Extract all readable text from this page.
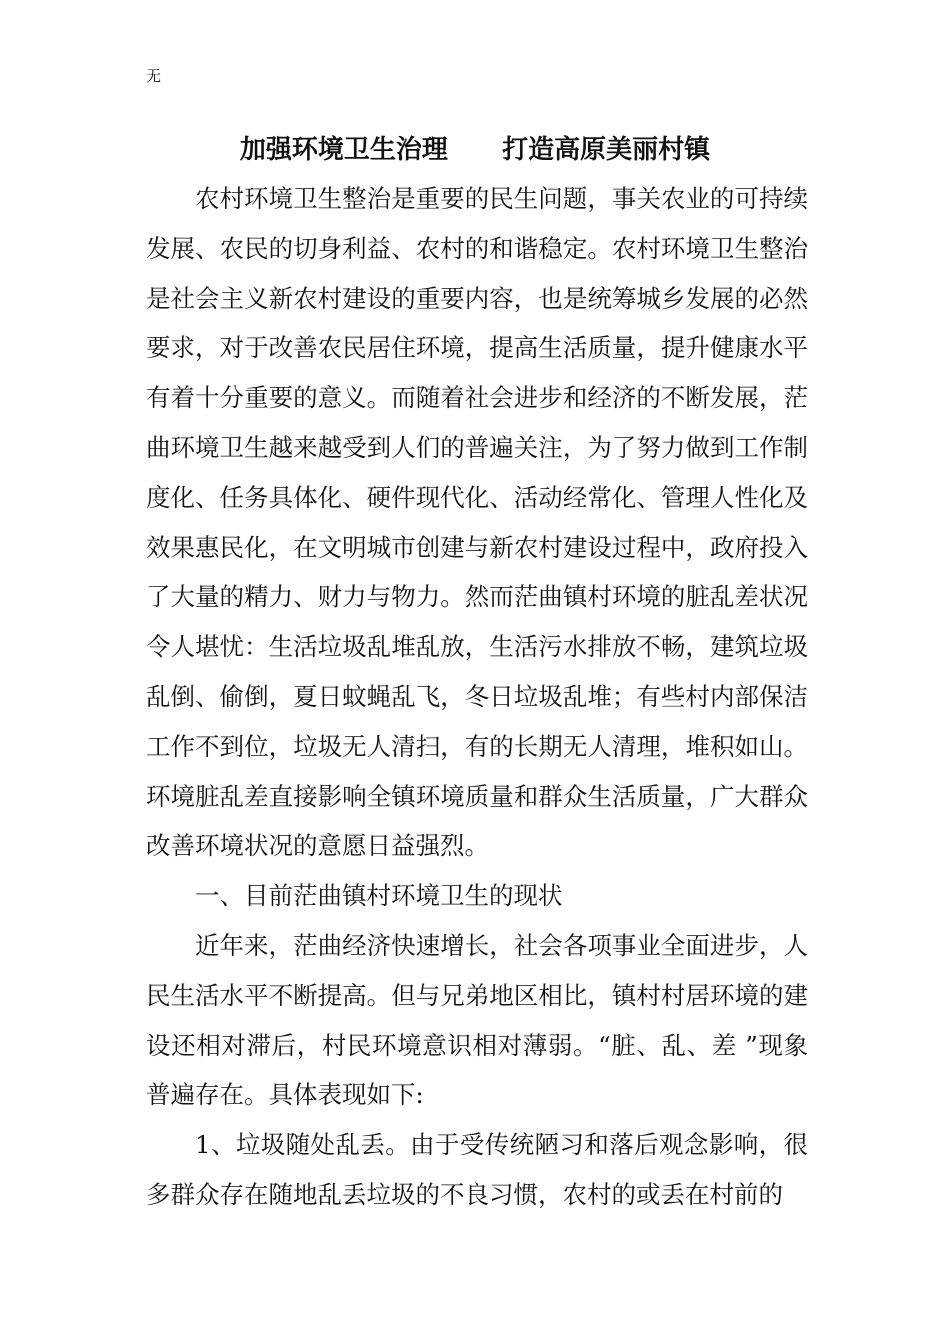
无
加强环境卫生治理      打造高原美丽村镇

农村环境卫生整治是重要的民生问题，事关农业的可持续发展、农民的切身利益、农村的和谐稳定。农村环境卫生整治是社会主义新农村建设的重要内容，也是统筹城乡发展的必然要求，对于改善农民居住环境，提高生活质量，提升健康水平有着十分重要的意义。而随着社会进步和经济的不断发展，茫曲环境卫生越来越受到人们的普遍关注，为了努力做到工作制度化、任务具体化、硬件现代化、活动经常化、管理人性化及效果惠民化，在文明城市创建与新农村建设过程中，政府投入了大量的精力、财力与物力。然而茫曲镇村环境的脏乱差状况令人堪忧：生活垃圾乱堆乱放，生活污水排放不畅，建筑垃圾乱倒、偷倒，夏日蚊蝇乱飞，冬日垃圾乱堆；有些村内部保洁工作不到位，垃圾无人清扫，有的长期无人清理，堆积如山。环境脏乱差直接影响全镇环境质量和群众生活质量，广大群众改善环境状况的意愿日益强烈。

一、目前茫曲镇村环境卫生的现状

近年来，茫曲经济快速增长，社会各项事业全面进步，人民生活水平不断提高。但与兄弟地区相比，镇村村居环境的建设还相对滞后，村民环境意识相对薄弱。“脏、乱、差 ”现象普遍存在。具体表现如下:

1、垃圾随处乱丢。由于受传统陋习和落后观念影响，很多群众存在随地乱丢垃圾的不良习惯，农村的或丢在村前的
